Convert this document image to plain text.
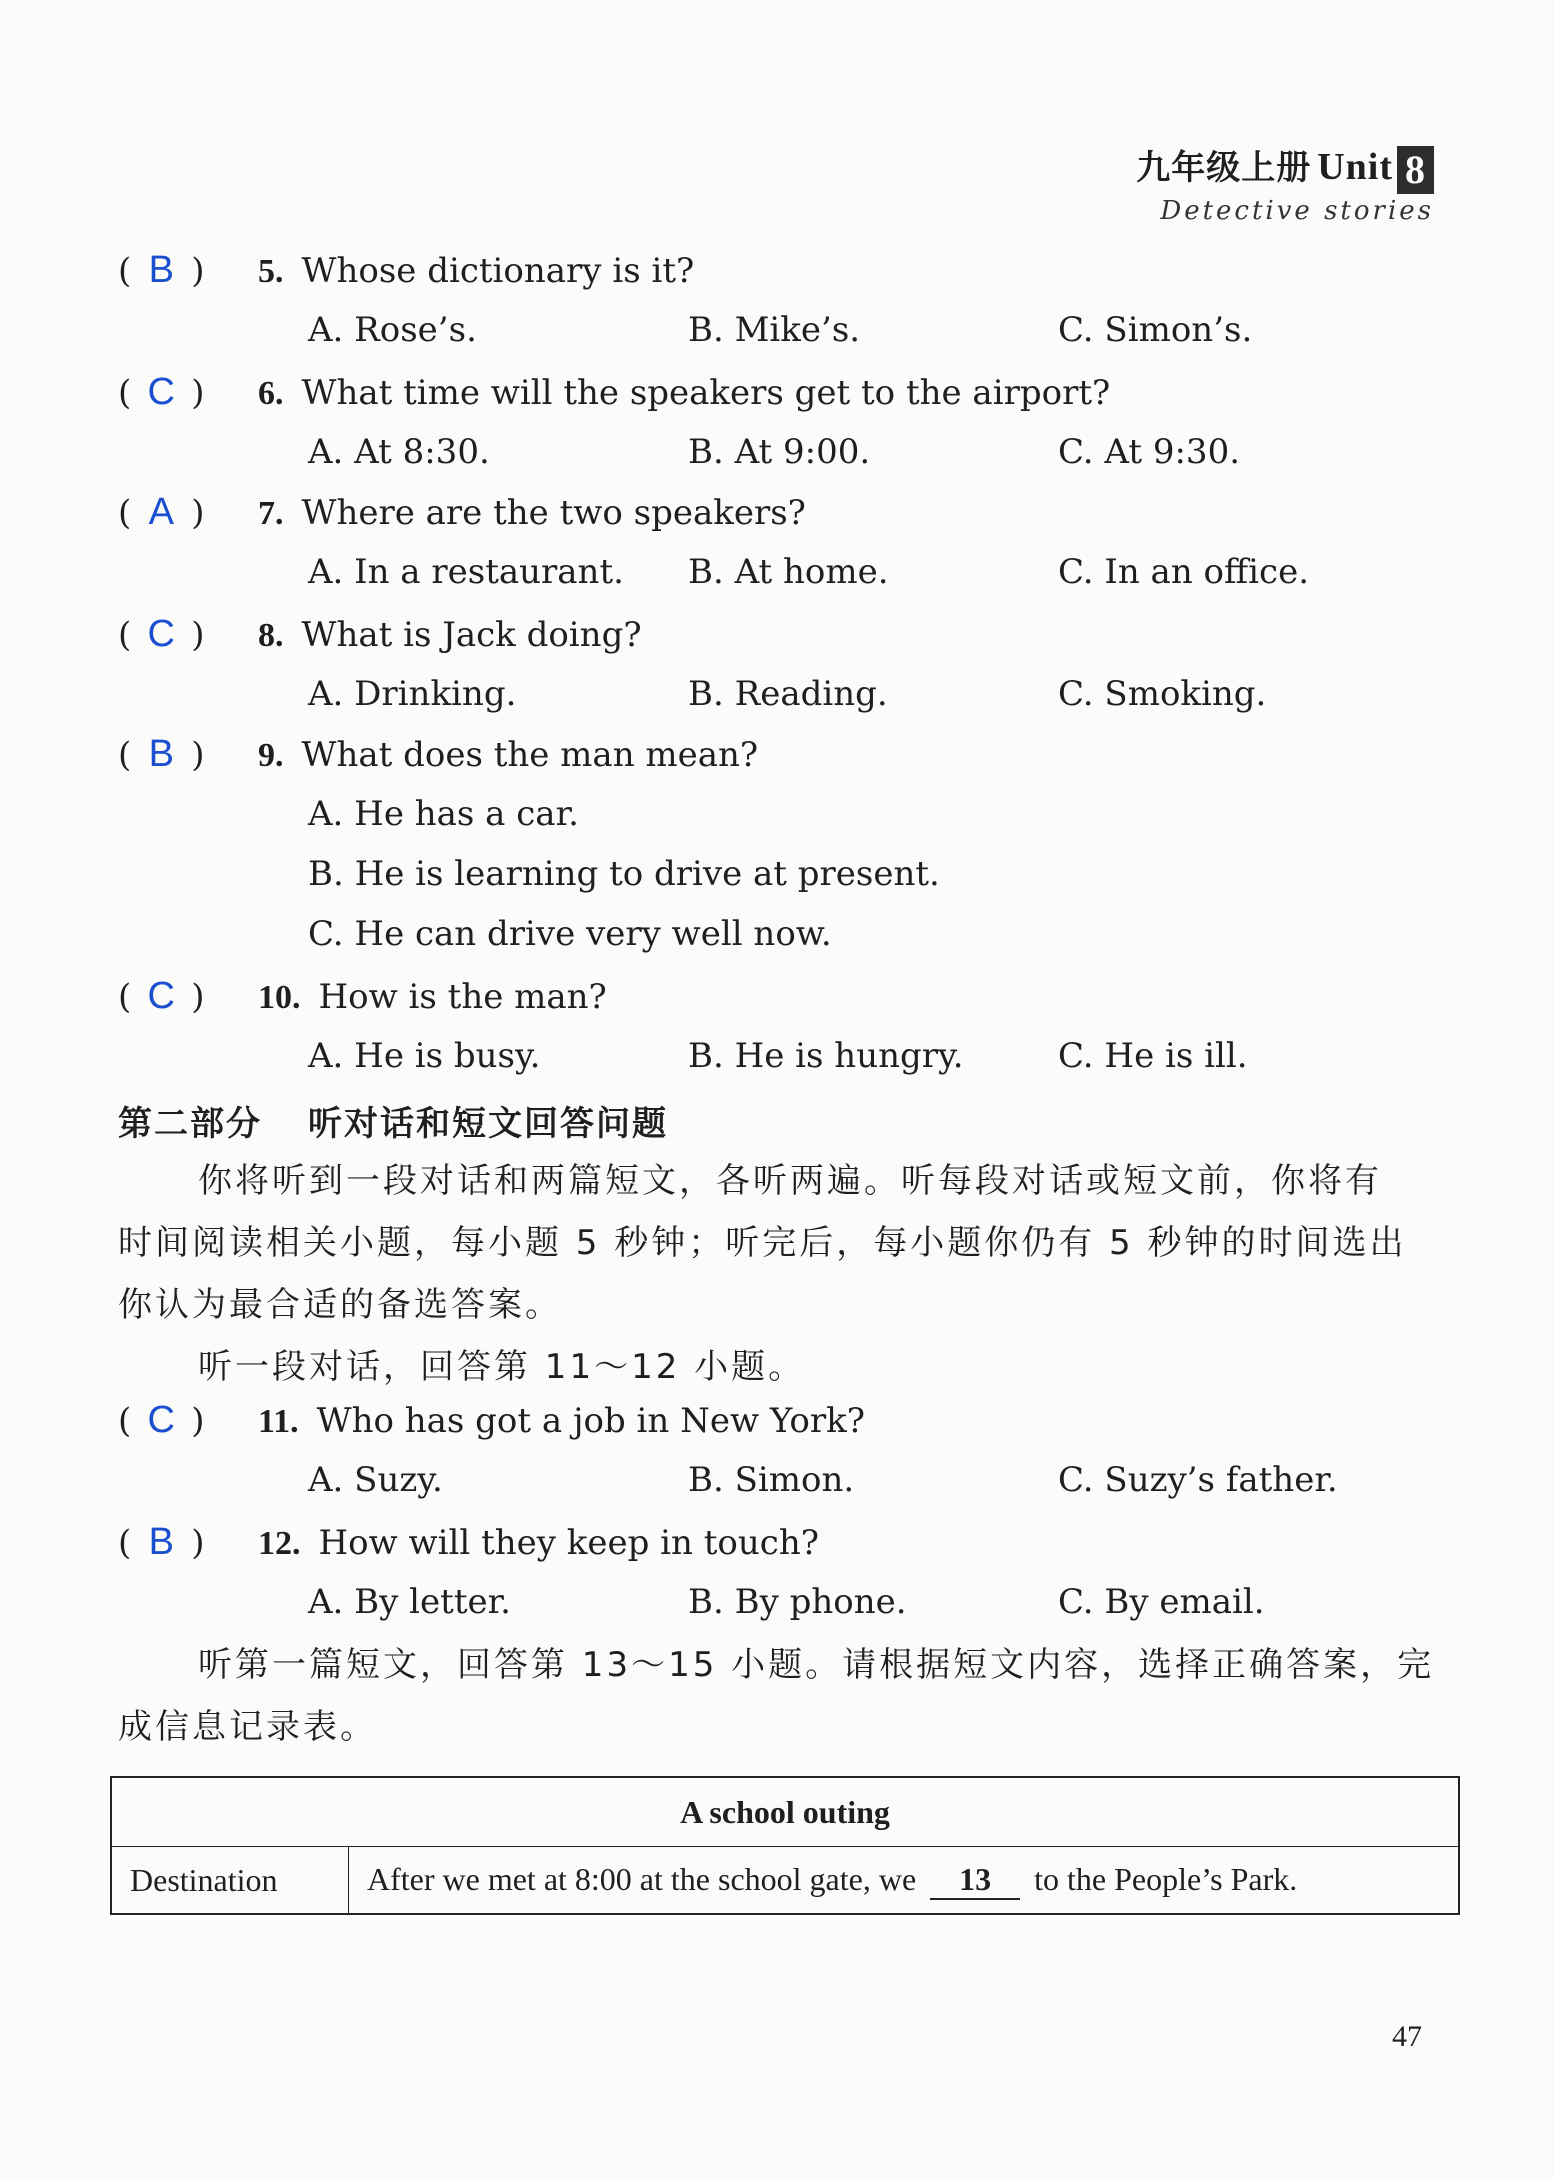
九年级上册 Unit 8
Detective stories
( B ) 5. Whose dictionary is it?
A. Rose’s.	B. Mike’s.	C. Simon’s.
( C ) 6. What time will the speakers get to the airport?
A. At 8:30.	B. At 9:00.	C. At 9:30.
( A ) 7. Where are the two speakers?
A. In a restaurant. B. At home.	C. In an office.
( C ) 8. What is Jack doing?
A. Drinking.	B. Reading.	C. Smoking.
( B ) 9. What does the man mean?
A. He has a car.
B. He is learning to drive at present.
C. He can drive very well now.
( C ) 10. How is the man?
A. He is busy.	B. He is hungry.	C. He is ill.
第二部分 听对话和短文回答问题
你将听到一段对话和两篇短文，各听两遍。听每段对话或短文前，你将有
时间阅读相关小题，每小题 5 秒钟；听完后，每小题你仍有 5 秒钟的时间选出
你认为最合适的备选答案。
听一段对话，回答第 11～12 小题。
( C ) 11. Who has got a job in New York?
A. Suzy.	B. Simon.	C. Suzy’s father.
( B ) 12. How will they keep in touch?
A. By letter.	B. By phone.	C. By email.
听第一篇短文，回答第 13～15 小题。请根据短文内容，选择正确答案，完
成信息记录表。
A school outing
Destination	After we met at 8:00 at the school gate, we 13 to the People’s Park.
47
